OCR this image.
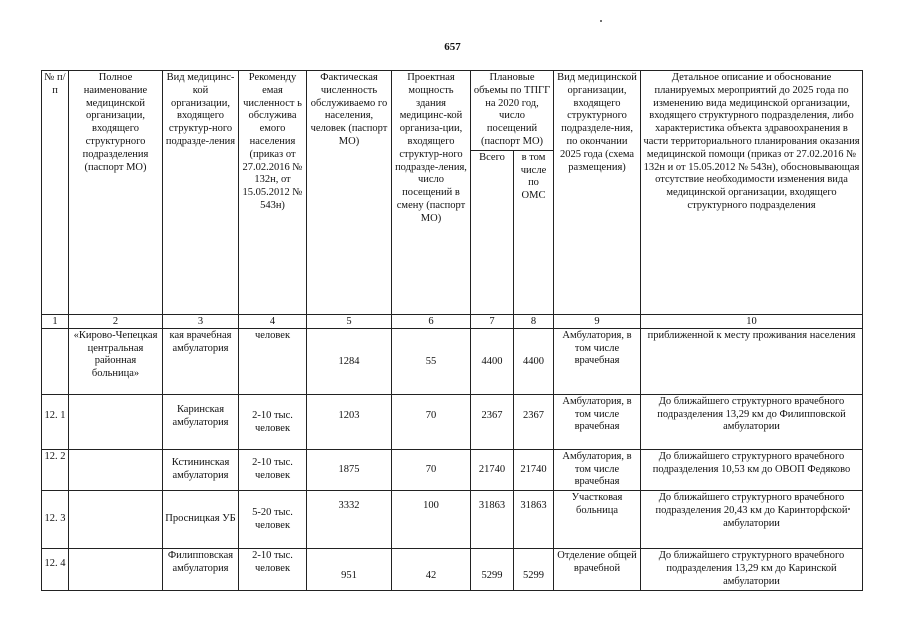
657
№ п/п	Полное наименование медицинской организации, входящего структурного подразделения (паспорт МО)	Вид медицинс-кой организации, входящего структур-ного подразде-ления	Рекоменду емая численност ь обслужива емого населения (приказ от 27.02.2016 № 132н, от 15.05.2012 № 543н)	Фактическая численность обслуживаемо го населения, человек (паспорт МО)	Проектная мощность здания медицинс-кой организа-ции, входящего структур-ного подразде-ления, число посещений в смену (паспорт МО)	Плановые объемы по ТПГГ на 2020 год, число посещений (паспорт МО)		Вид медицинской организации, входящего структурного подразделе-ния, по окончании 2025 года (схема размещения)	Детальное описание и обоснование планируемых мероприятий до 2025 года по изменению вида медицинской организации, входящего структурного подразделения, либо характеристика объекта здравоохранения в части территориального планирования оказания медицинской помощи (приказ от 27.02.2016 № 132н и от 15.05.2012 № 543н), обосновывающая отсутствие необходимости изменения вида медицинской организации, входящего структурного подразделения
						Всего	в том числе по ОМС		
1	2	3	4	5	6	7	8	9	10
	«Кирово-Чепецкая центральная районная больница»	кая врачебная амбулатория	человек	1284	55	4400	4400	Амбулатория, в том числе врачебная	приближенной к месту проживания населения

12. 1		Каринская амбулатория	2-10 тыс. человек	1203	70	2367	2367	Амбулатория, в том числе врачебная	До ближайшего структурного врачебного подразделения 13,29 км до Филипповской амбулатории
12. 2		Кстининская амбулатория	2-10 тыс. человек	1875	70	21740	21740	Амбулатория, в том числе врачебная	До ближайшего структурного врачебного подразделения 10,53 км до ОВОП Федяково
12. 3		Просницкая УБ	5-20 тыс. человек	3332	100	31863	31863	Участковая больница	До ближайшего структурного врачебного подразделения 20,43 км до Каринторфской амбулатории

12. 4		Филипповская амбулатория	2-10 тыс. человек	951	42	5299	5299	Отделение общей врачебной	До ближайшего структурного врачебного подразделения 13,29 км до Каринской амбулатории
